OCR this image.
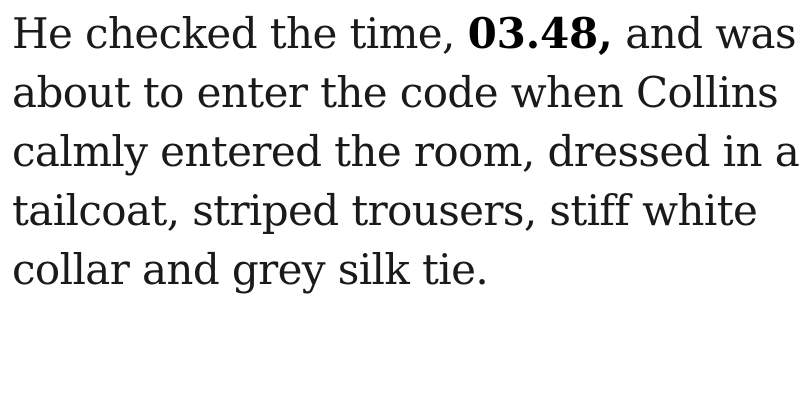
He checked the time, 03.48, and was
about to enter the code when Collins
calmly entered the room, dressed in a
tailcoat, striped trousers, stiff white
collar and grey silk tie.
